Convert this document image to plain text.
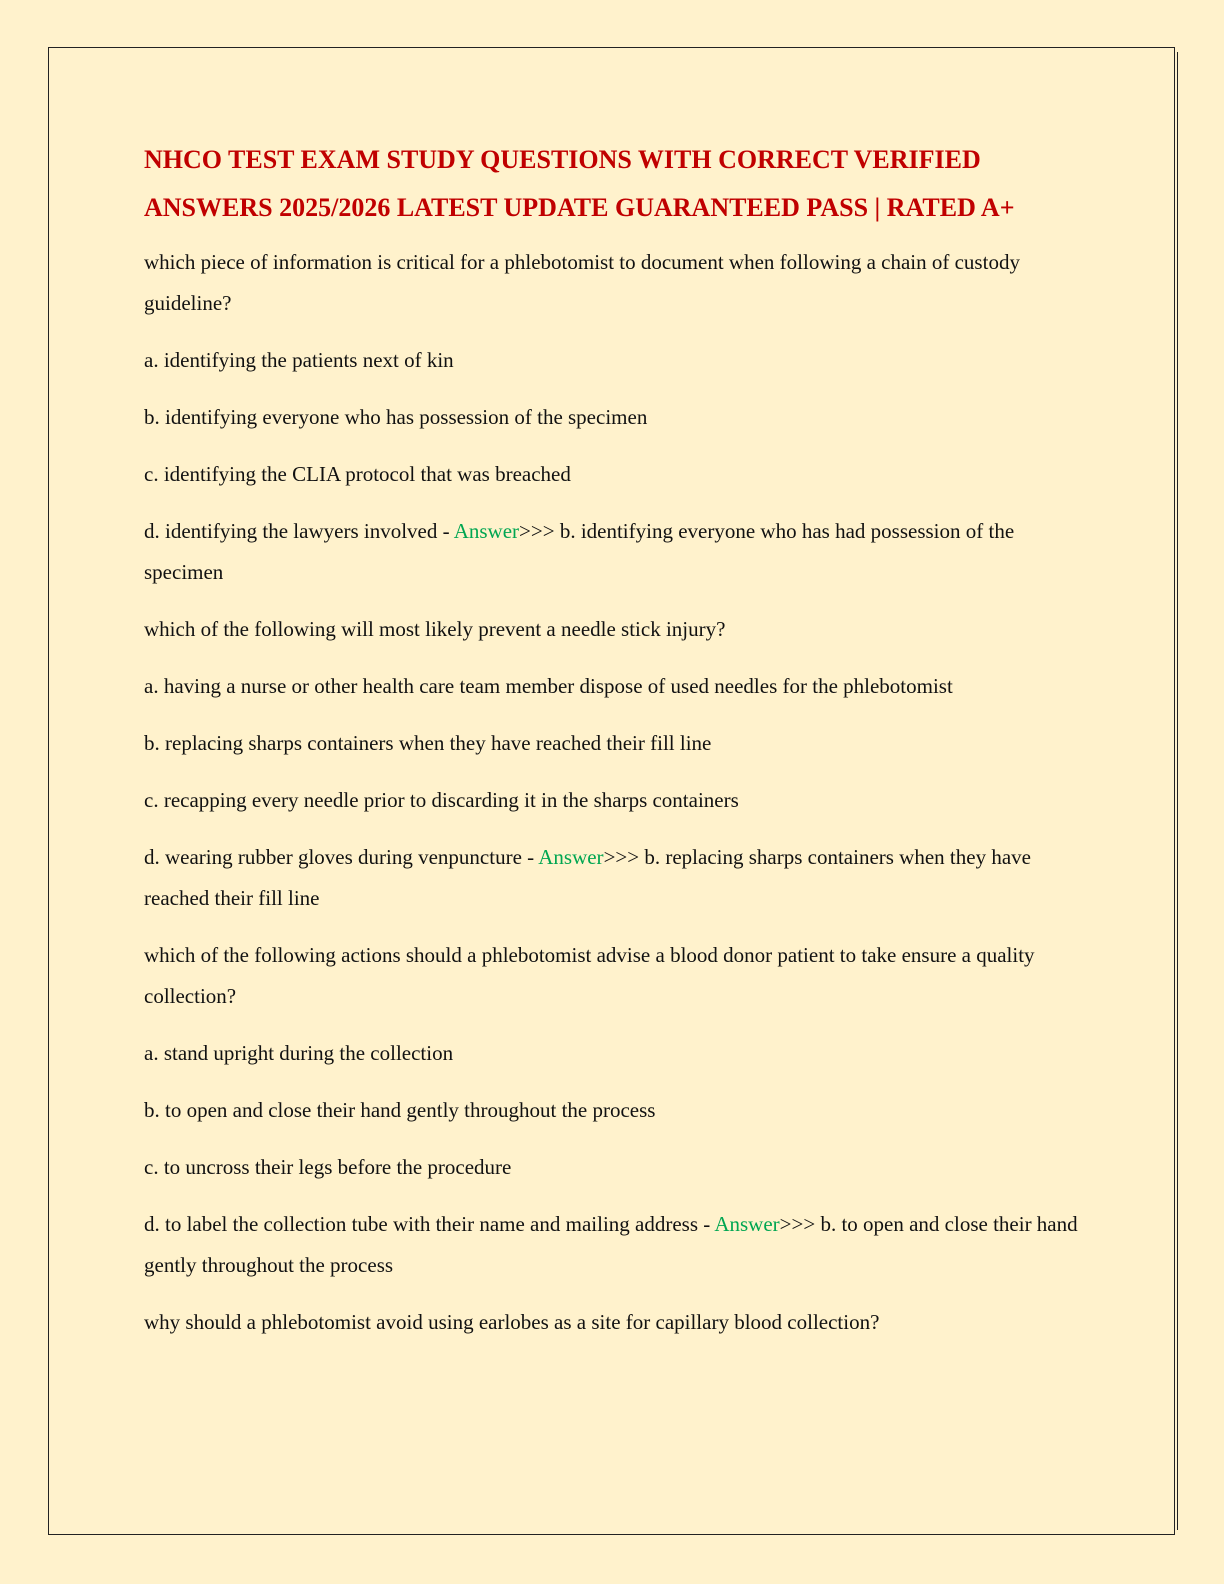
NHCO TEST EXAM STUDY QUESTIONS WITH CORRECT VERIFIED ANSWERS 2025/2026 LATEST UPDATE GUARANTEED PASS | RATED A+

which piece of information is critical for a phlebotomist to document when following a chain of custody guideline?

a. identifying the patients next of kin

b. identifying everyone who has possession of the specimen

c. identifying the CLIA protocol that was breached

d. identifying the lawyers involved - Answer>>> b. identifying everyone who has had possession of the specimen

which of the following will most likely prevent a needle stick injury?

a. having a nurse or other health care team member dispose of used needles for the phlebotomist

b. replacing sharps containers when they have reached their fill line

c. recapping every needle prior to discarding it in the sharps containers

d. wearing rubber gloves during venpuncture - Answer>>> b. replacing sharps containers when they have reached their fill line

which of the following actions should a phlebotomist advise a blood donor patient to take ensure a quality collection?

a. stand upright during the collection

b. to open and close their hand gently throughout the process

c. to uncross their legs before the procedure

d. to label the collection tube with their name and mailing address - Answer>>> b. to open and close their hand gently throughout the process

why should a phlebotomist avoid using earlobes as a site for capillary blood collection?
